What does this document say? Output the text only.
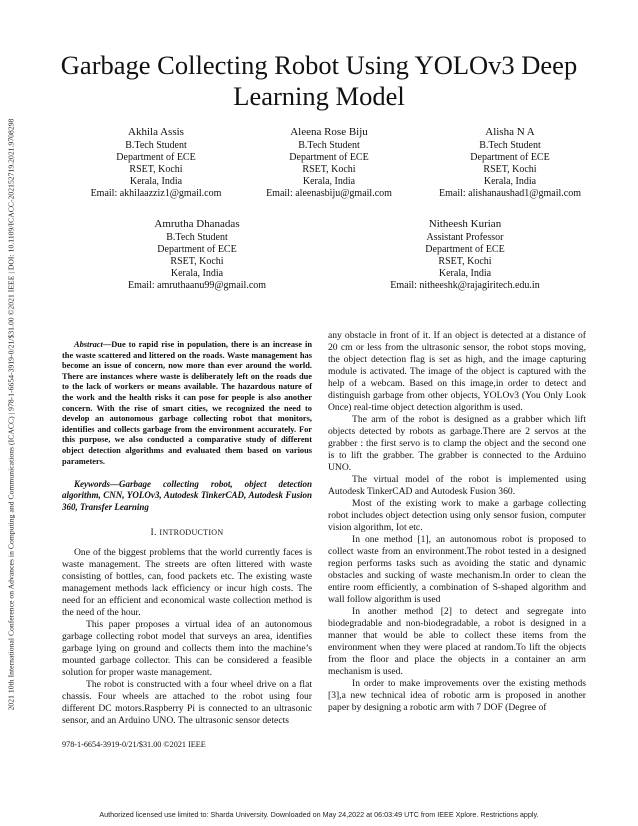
2021 10th International Conference on Advances in Computing and Communications (ICACC) | 978-1-6654-3919-0/21/$31.00 ©2021 IEEE | DOI: 10.1109/ICACC-202152719.2021.9708298
Garbage Collecting Robot Using YOLOv3 Deep Learning Model
Akhila Assis
B.Tech Student
Department of ECE
RSET, Kochi
Kerala, India
Email: akhilaazziz1@gmail.com
Aleena Rose Biju
B.Tech Student
Department of ECE
RSET, Kochi
Kerala, India
Email: aleenasbiju@gmail.com
Alisha N A
B.Tech Student
Department of ECE
RSET, Kochi
Kerala, India
Email: alishanaushad1@gmail.com
Amrutha Dhanadas
B.Tech Student
Department of ECE
RSET, Kochi
Kerala, India
Email: amruthaanu99@gmail.com
Nitheesh Kurian
Assistant Professor
Department of ECE
RSET, Kochi
Kerala, India
Email: nitheeshk@rajagiritech.edu.in

Abstract—Due to rapid rise in population, there is an increase in the waste scattered and littered on the roads. Waste management has become an issue of concern, now more than ever around the world. There are instances where waste is deliberately left on the roads due to the lack of workers or means available. The hazardous nature of the work and the health risks it can pose for people is also another concern. With the rise of smart cities, we recognized the need to develop an autonomous garbage collecting robot that monitors, identifies and collects garbage from the environment accurately. For this purpose, we also conducted a comparative study of different object detection algorithms and evaluated them based on various parameters.

Keywords—Garbage collecting robot, object detection algorithm, CNN, YOLOv3, Autodesk TinkerCAD, Autodesk Fusion 360, Transfer Learning

I. INTRODUCTION

One of the biggest problems that the world currently faces is waste management. The streets are often littered with waste consisting of bottles, can, food packets etc. The existing waste management methods lack efficiency or incur high costs. The need for an efficient and economical waste collection method is the need of the hour.

This paper proposes a virtual idea of an autonomous garbage collecting robot model that surveys an area, identifies garbage lying on ground and collects them into the machine’s mounted garbage collector. This can be considered a feasible solution for proper waste management.

The robot is constructed with a four wheel drive on a flat chassis. Four wheels are attached to the robot using four different DC motors.Raspberry Pi is connected to an ultrasonic sensor, and an Arduino UNO. The ultrasonic sensor detects

any obstacle in front of it. If an object is detected at a distance of 20 cm or less from the ultrasonic sensor, the robot stops moving, the object detection flag is set as high, and the image capturing module is activated. The image of the object is captured with the help of a webcam. Based on this image,in order to detect and distinguish garbage from other objects, YOLOv3 (You Only Look Once) real-time object detection algorithm is used.

The arm of the robot is designed as a grabber which lift objects detected by robots as garbage.There are 2 servos at the grabber : the first servo is to clamp the object and the second one is to lift the grabber. The grabber is connected to the Arduino UNO.

The virtual model of the robot is implemented using Autodesk TinkerCAD and Autodesk Fusion 360.

Most of the existing work to make a garbage collecting robot includes object detection using only sensor fusion, computer vision algorithm, Iot etc.

In one method [1], an autonomous robot is proposed to collect waste from an environment.The robot tested in a designed region performs tasks such as avoiding the static and dynamic obstacles and sucking of waste mechanism.In order to clean the entire room efficiently, a combination of S-shaped algorithm and wall follow algorithm is used

In another method [2] to detect and segregate into biodegradable and non-biodegradable, a robot is designed in a manner that would be able to collect these items from the environment when they were placed at random.To lift the objects from the floor and place the objects in a container an arm mechanism is used.

In order to make improvements over the existing methods [3],a new technical idea of robotic arm is proposed in another paper by designing a robotic arm with 7 DOF (Degree of

978-1-6654-3919-0/21/$31.00 ©2021 IEEE
Authorized licensed use limited to: Sharda University. Downloaded on May 24,2022 at 06:03:49 UTC from IEEE Xplore. Restrictions apply.
